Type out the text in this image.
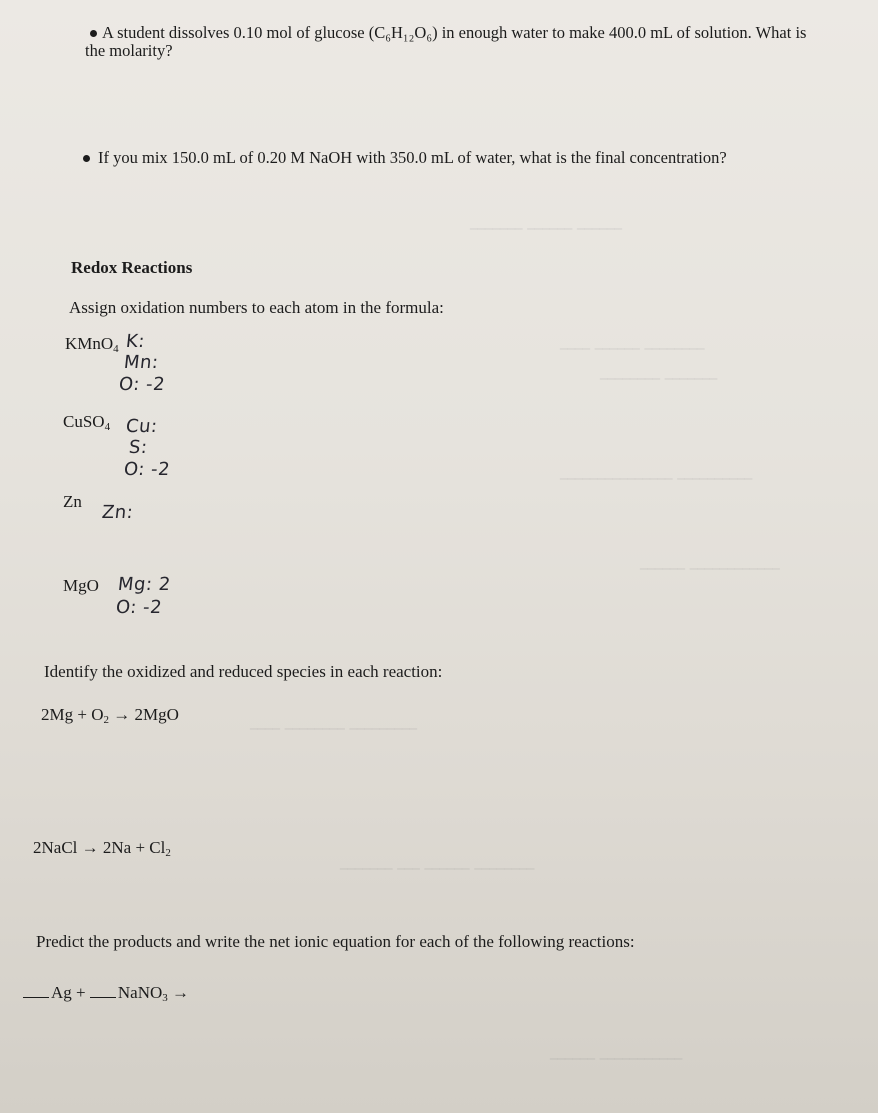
______ ______ _______
________ ______ ____
_______ ________
__________ _______________
____________ ______
_________ ________ ____
________ ______ ___ _______
___________ ______
A student dissolves 0.10 mol of glucose (C₆H₁₂O₆) in enough water to make 400.0 mL of solution. What is
the molarity?
If you mix 150.0 mL of 0.20 M NaOH with 350.0 mL of water, what is the final concentration?
Redox Reactions
Assign oxidation numbers to each atom in the formula:
KMnO$_4$ K:
Mn:
O: -2
CuSO$_4$ Cu:
S:
O: -2
Zn
Zn:
MgO Mg: 2
O: -2
Identify the oxidized and reduced species in each reaction:
$2Mg + O_2 \to 2MgO$
2NaCl → $2Na + Cl_2$
Predict the products and write the net ionic equation for each of the following reactions:
Ag + NaNO$_3$ →
